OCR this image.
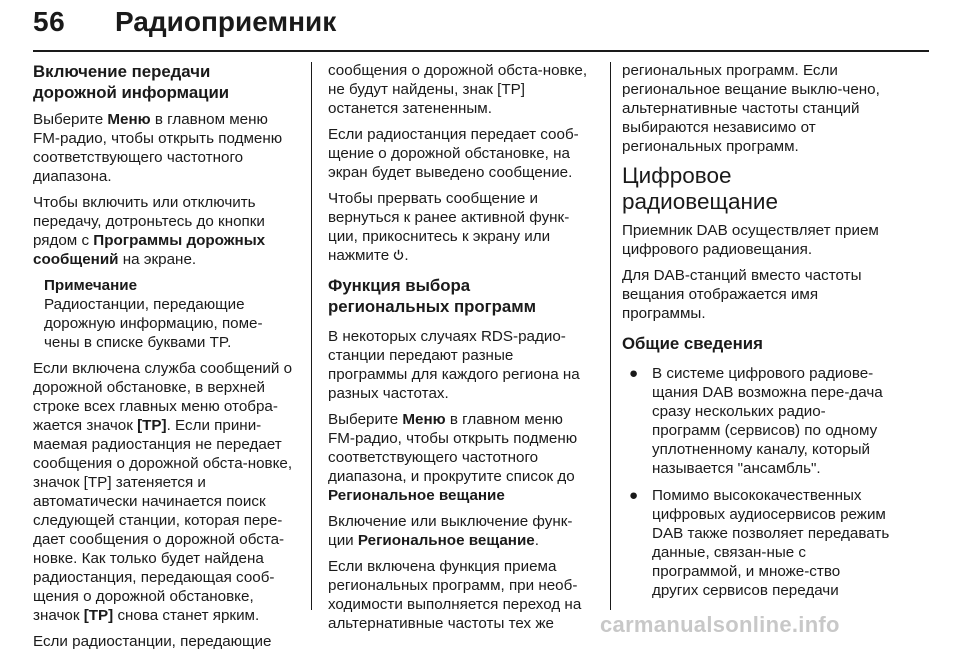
56 Радиоприемник
Включение передачи дорожной информации

Выберите Меню в главном меню FM-радио, чтобы открыть подменю соответствующего частотного диапазона.

Чтобы включить или отключить передачу, дотроньтесь до кнопки рядом с Программы дорожных сообщений на экране.

Примечание
Радиостанции, передающие дорожную информацию, поме-чены в списке буквами TP.

Если включена служба сообщений о дорожной обстановке, в верхней строке всех главных меню отобра-жается значок [TP]. Если прини-маемая радиостанция не передает сообщения о дорожной обста-новке, значок [TP] затеняется и автоматически начинается поиск следующей станции, которая пере-дает сообщения о дорожной обста-новке. Как только будет найдена радиостанция, передающая сооб-щения о дорожной обстановке, значок [TP] снова станет ярким.

Если радиостанции, передающие

сообщения о дорожной обста-новке, не будут найдены, знак [TP] останется затененным.

Если радиостанция передает сооб-щение о дорожной обстановке, на экран будет выведено сообщение.

Чтобы прервать сообщение и вернуться к ранее активной функ-ции, прикоснитесь к экрану или нажмите .

Функция выбора региональных программ

В некоторых случаях RDS-радио-станции передают разные программы для каждого региона на разных частотах.

Выберите Меню в главном меню FM-радио, чтобы открыть подменю соответствующего частотного диапазона, и прокрутите список до Региональное вещание

Включение или выключение функ-ции Региональное вещание.

Если включена функция приема региональных программ, при необ-ходимости выполняется переход на альтернативные частоты тех же

региональных программ. Если региональное вещание выклю-чено, альтернативные частоты станций выбираются независимо от региональных программ.

Цифровое радиовещание

Приемник DAB осуществляет прием цифрового радиовещания.

Для DAB-станций вместо частоты вещания отображается имя программы.

Общие сведения
● В системе цифрового радиове-щания DAB возможна пере-дача сразу нескольких радио-программ (сервисов) по одному уплотненному каналу, который называется "ансамбль".
● Помимо высококачественных цифровых аудиосервисов режим DAB также позволяет передавать данные, связан-ные с программой, и множе-ство других сервисов передачи
carmanualsonline.info
